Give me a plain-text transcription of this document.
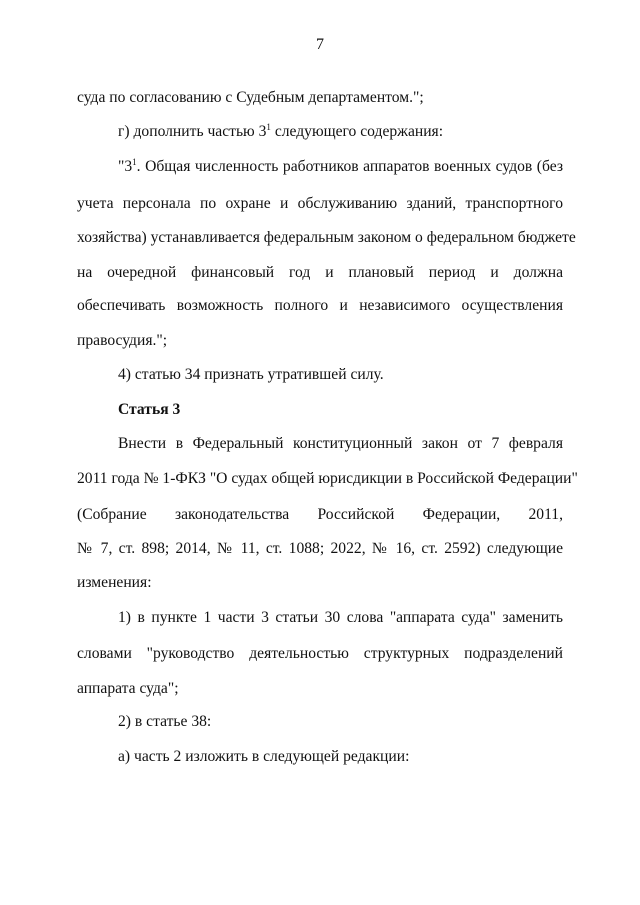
7
суда по согласованию с Судебным департаментом.";
г) дополнить частью $3^1$ следующего содержания:
"$3^1$. Общая численность работников аппаратов военных судов (без
учета персонала по охране и обслуживанию зданий, транспортного
хозяйства) устанавливается федеральным законом о федеральном бюджете
на очередной финансовый год и плановый период и должна
обеспечивать возможность полного и независимого осуществления
правосудия.";
4) статью 34 признать утратившей силу.
Статья 3
Внести в Федеральный конституционный закон от 7 февраля
2011 года № 1-ФКЗ "О судах общей юрисдикции в Российской Федерации"
(Собрание законодательства Российской Федерации, 2011,
№ 7, ст. 898; 2014, № 11, ст. 1088; 2022, № 16, ст. 2592) следующие
изменения:
1) в пункте 1 части 3 статьи 30 слова "аппарата суда" заменить
словами "руководство деятельностью структурных подразделений
аппарата суда";
2) в статье 38:
а) часть 2 изложить в следующей редакции:
